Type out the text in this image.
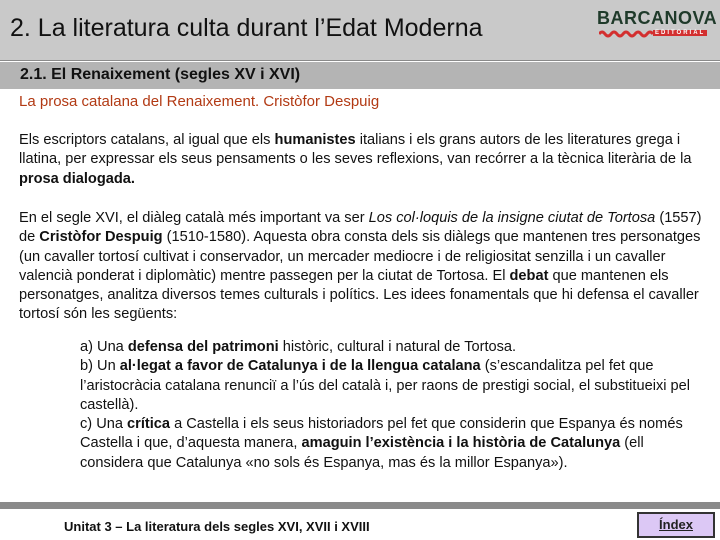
2. La literatura culta durant l’Edat Moderna	BARCANOVA
EDITORIAL
2.1. El Renaixement (segles XV i XVI)
La prosa catalana del Renaixement. Cristòfor Despuig
Els escriptors catalans, al igual que els humanistes italians i els grans autors de les literatures grega i llatina, per expressar els seus pensaments o les seves reflexions, van recórrer a la tècnica literària de la prosa dialogada.
En el segle XVI, el diàleg català més important va ser Los col·loquis de la insigne ciutat de Tortosa (1557) de Cristòfor Despuig (1510-1580). Aquesta obra consta dels sis diàlegs que mantenen tres personatges (un cavaller tortosí cultivat i conservador, un mercader mediocre i de religiositat senzilla i un cavaller valencià ponderat i diplomàtic) mentre passegen per la ciutat de Tortosa. El debat que mantenen els personatges, analitza diversos temes culturals i polítics. Les idees fonamentals que hi defensa el cavaller tortosí són les següents:
a) Una defensa del patrimoni històric, cultural i natural de Tortosa.
b) Un al·legat a favor de Catalunya i de la llengua catalana (s’escandalitza pel fet que l’aristocràcia catalana renunciï a l’ús del català i, per raons de prestigi social, el substitueixi pel castellà).
c) Una crítica a Castella i els seus historiadors pel fet que considerin que Espanya és només Castella i que, d’aquesta manera, amaguin l’existència i la història de Catalunya (ell considera que Catalunya «no sols és Espanya, mas és la millor Espanya»).
Unitat 3 – La literatura dels segles XVI, XVII i XVIII	Índex
